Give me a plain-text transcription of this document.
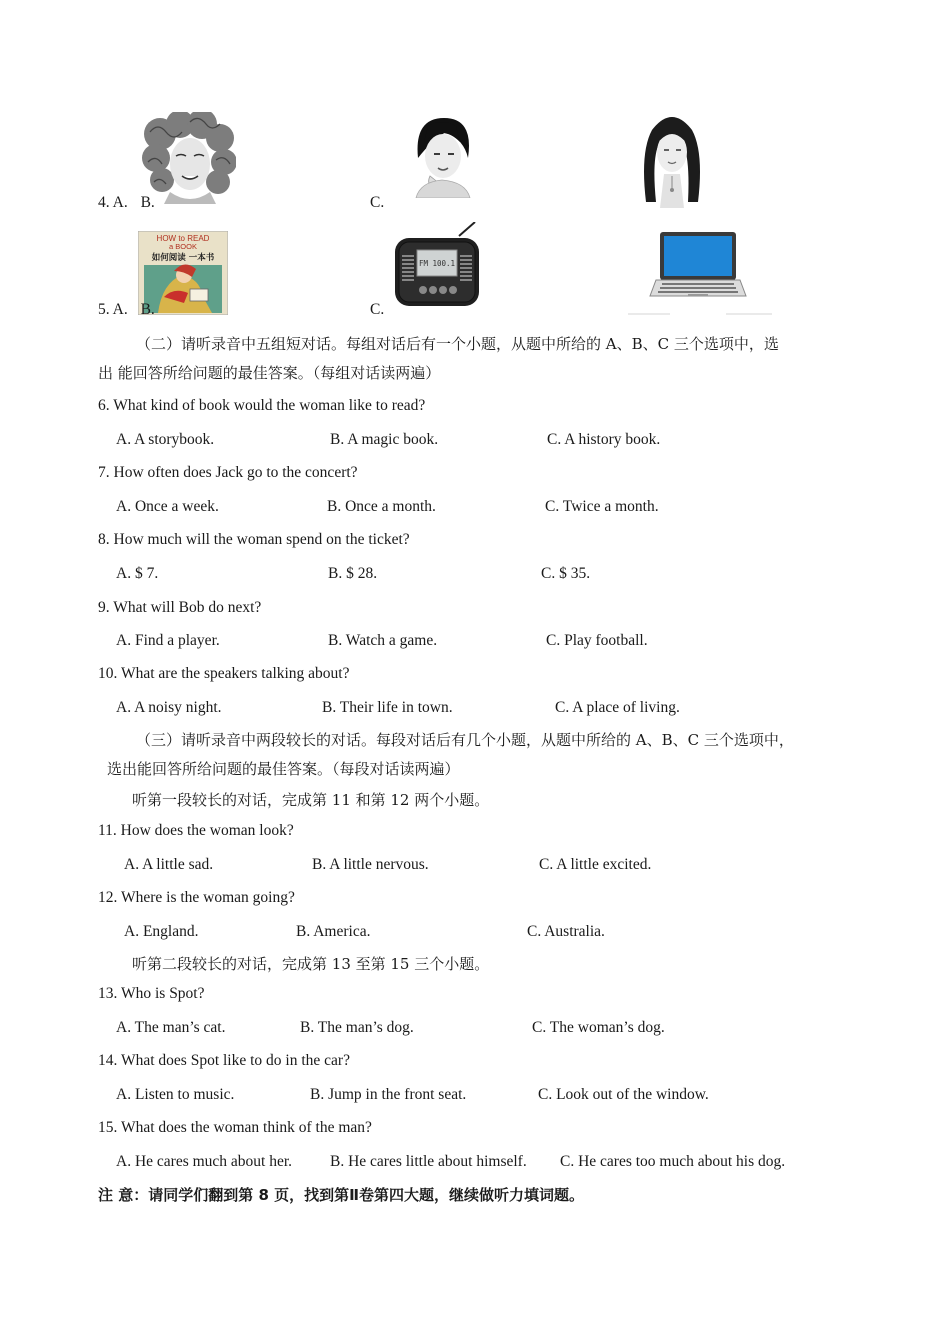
4. A. B.	C.
HOW to READ
a BOOK
如何阅读 一本书
5. A. B.
FM 100.1
C.
（二）请听录音中五组短对话。每组对话后有一个小题，从题中所给的 A、B、C 三个选项中，选
出 能回答所给问题的最佳答案。（每组对话读两遍）
6. What kind of book would the woman like to read?
A. A storybook.	B. A magic book.	C. A history book.
7. How often does Jack go to the concert?
A. Once a week.	B. Once a month.	C. Twice a month.
8. How much will the woman spend on the ticket?
A. $ 7.	B. $ 28.	C. $ 35.
9. What will Bob do next?
A. Find a player.	B. Watch a game.	C. Play football.
10. What are the speakers talking about?
A. A noisy night.	B. Their life in town.	C. A place of living.
（三）请听录音中两段较长的对话。每段对话后有几个小题，从题中所给的 A、B、C 三个选项中，
选出能回答所给问题的最佳答案。（每段对话读两遍）
听第一段较长的对话，完成第 11 和第 12 两个小题。
11. How does the woman look?
A. A little sad.	B. A little nervous.	C. A little excited.
12. Where is the woman going?
A. England.	B. America.	C. Australia.
听第二段较长的对话，完成第 13 至第 15 三个小题。
13. Who is Spot?
A. The man’s cat.	B. The man’s dog.	C. The woman’s dog.
14. What does Spot like to do in the car?
A. Listen to music.	B. Jump in the front seat.	C. Look out of the window.
15. What does the woman think of the man?
A. He cares much about her. B. He cares little about himself. C. He cares too much about his dog.
注 意：请同学们翻到第 8 页，找到第Ⅱ卷第四大题，继续做听力填词题。
